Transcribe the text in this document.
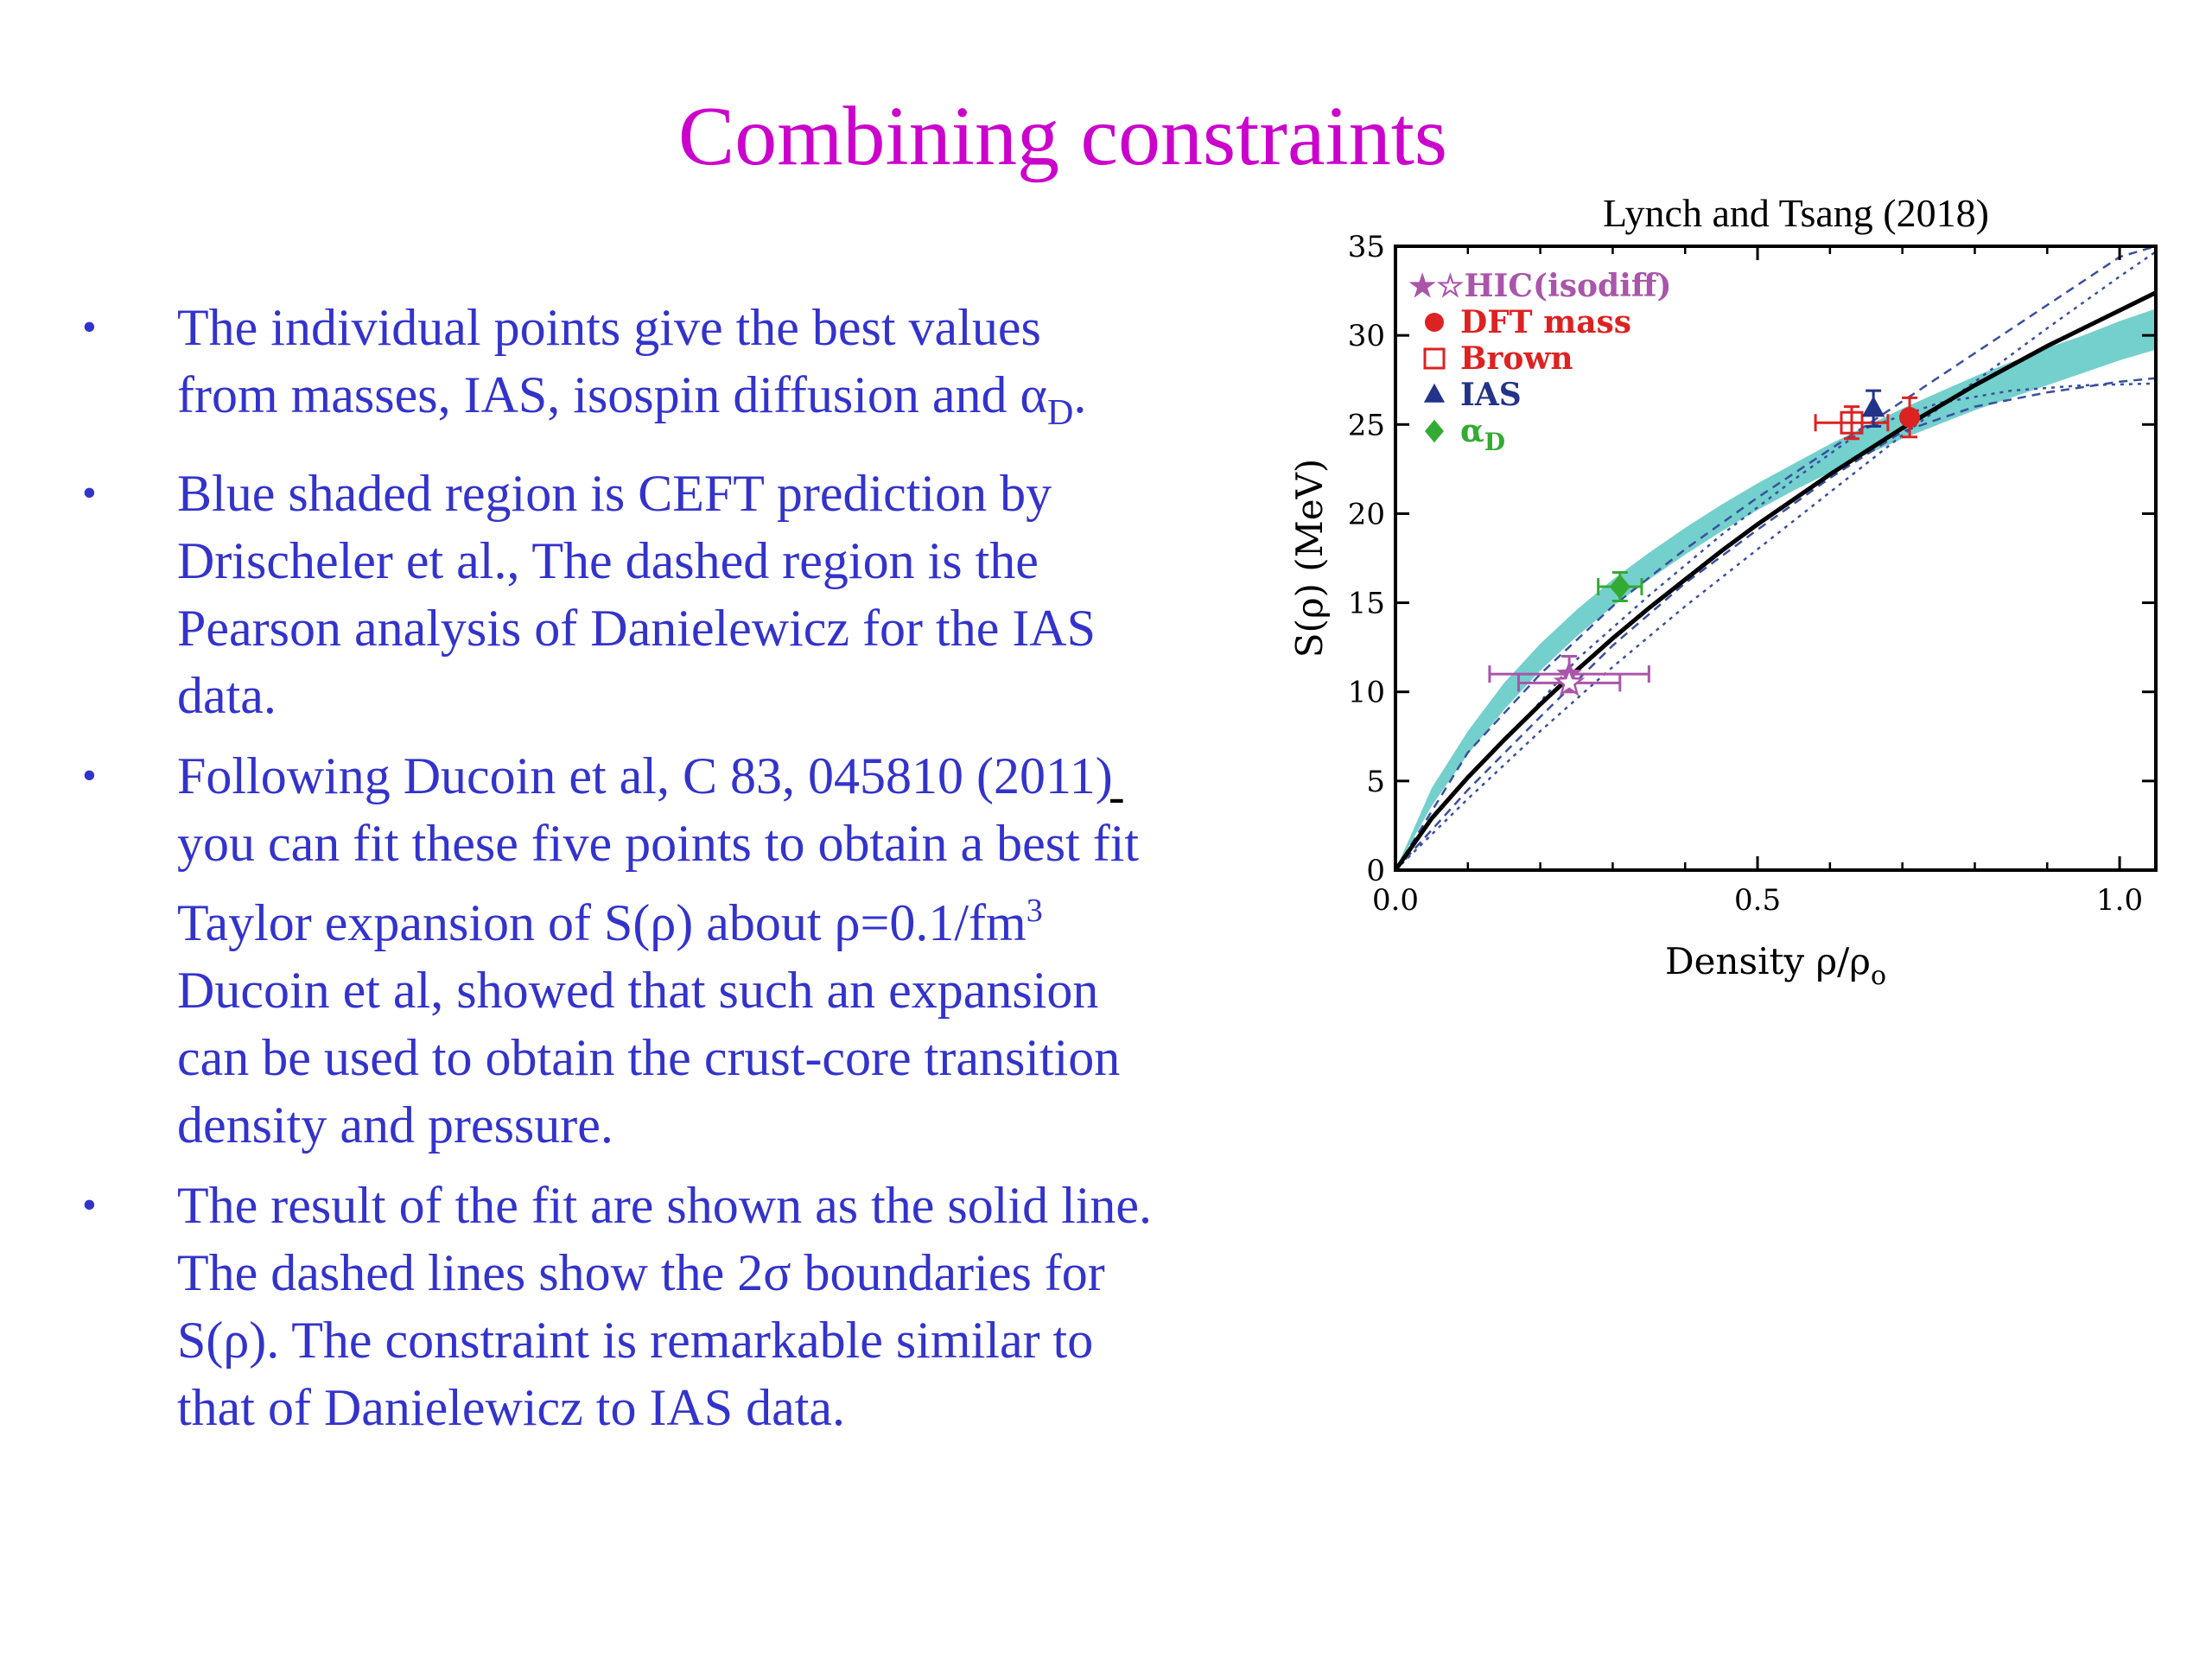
Combining constraints
•	The individual points give the best values from masses, IAS, isospin diffusion and $\alpha_D$.
•	Blue shaded region is CEFT prediction by Drischeler et al., The dashed region is the Pearson analysis of Danielewicz for the IAS data.
•	Following Ducoin et al, C 83, 045810 (2011) you can fit these five points to obtain a best fit Taylor expansion of S(ρ) about $\rho=0.1/fm^3$ Ducoin et al, showed that such an expansion can be used to obtain the crust-core transition density and pressure.
•	The result of the fit are shown as the solid line. The dashed lines show the 2σ boundaries for S(ρ). The constraint is remarkable similar to that of Danielewicz to IAS data.
-
Lynch and Tsang (2018)
0
5
10
15
20
25
30
35
0.0	0.5	1.0
Density $\rho/\rho_o$
S(ρ) (MeV)
★☆HIC(isodiff)
DFT mass
Brown
IAS
$\alpha_D$
